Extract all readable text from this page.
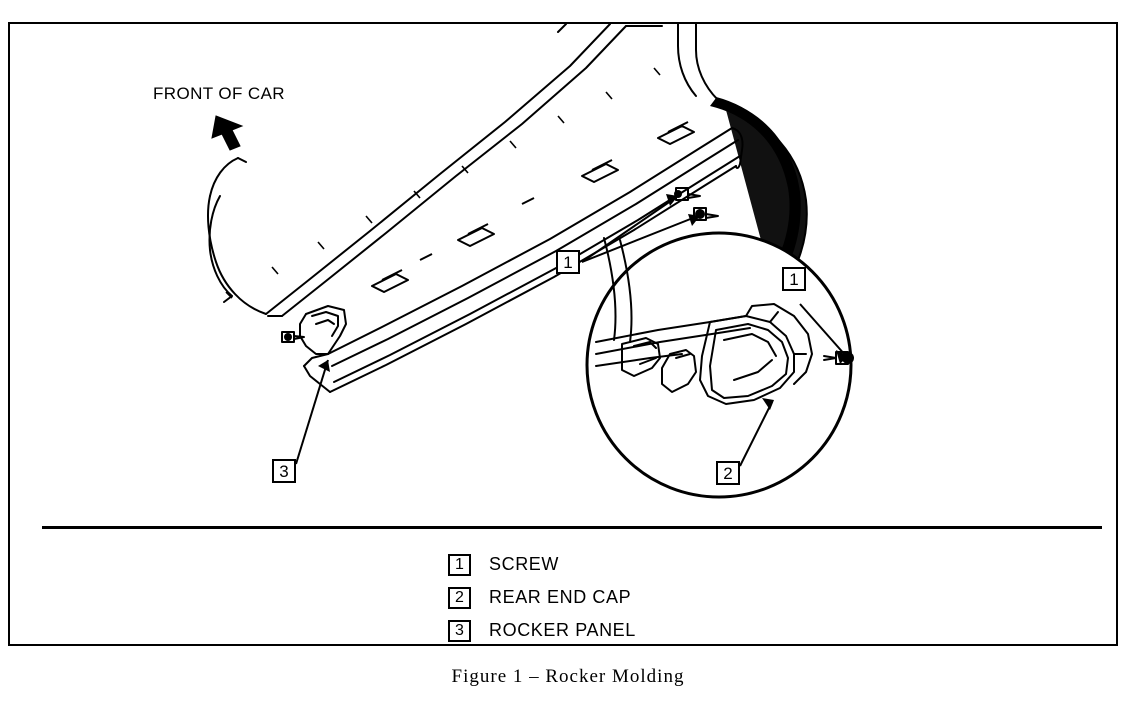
FRONT OF CAR
1
1
2
3
1	SCREW
2	REAR END CAP
3	ROCKER PANEL
Figure 1 – Rocker Molding
